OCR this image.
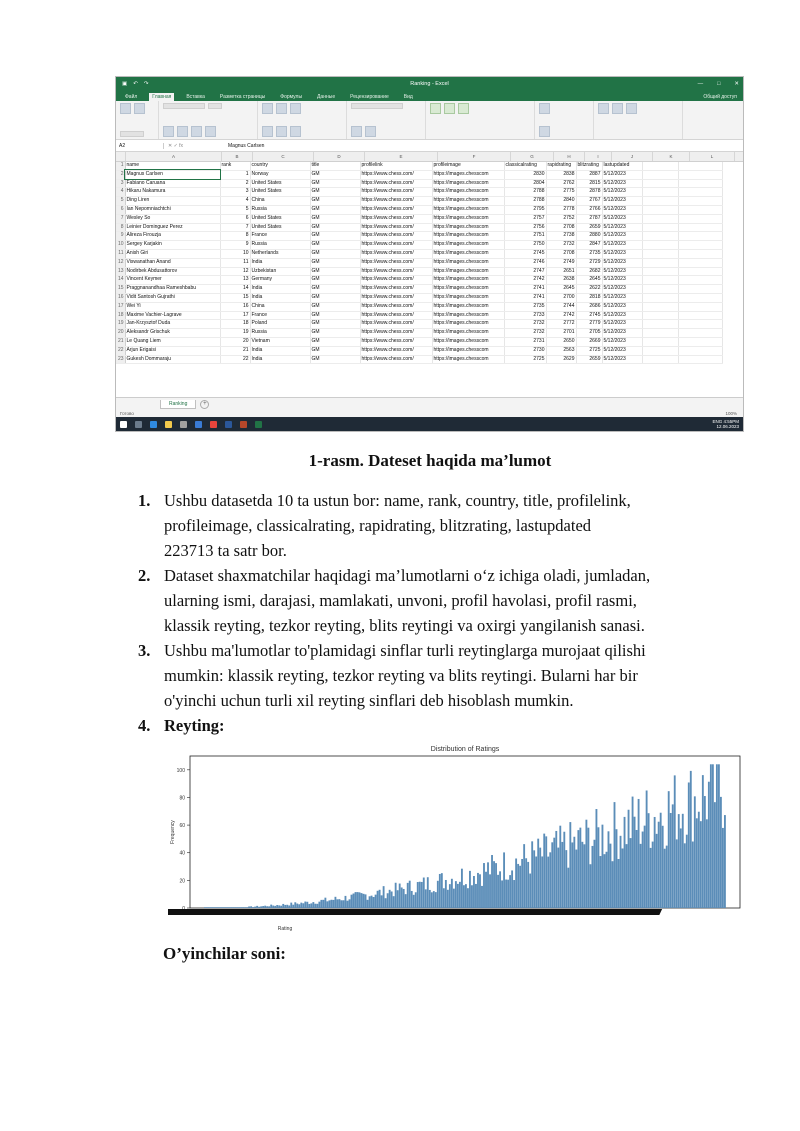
▣ ↶ ↷	Ranking - Excel	—	□	✕
Файл	Главная	Вставка	Разметка страницы	Формулы	Данные	Рецензирование	Вид	Общий доступ
A2	✕ ✓ fx	Magnus Carlsen
A	B	C	D	E	F	G	H	I	J	K	L
1	name	rank	country	title	profilelink	profileimage	classicalrating	rapidrating	blitzrating	lastupdated		
2	Magnus Carlsen	1	Norway	GM	https://www.chess.com/	https://images.chesscom	2830	2838	2887	5/12/2023		
3	Fabiano Caruana	2	United States	GM	https://www.chess.com/	https://images.chesscom	2804	2762	2815	5/12/2023		
4	Hikaru Nakamura	3	United States	GM	https://www.chess.com/	https://images.chesscom	2788	2775	2878	5/12/2023		
5	Ding Liren	4	China	GM	https://www.chess.com/	https://images.chesscom	2788	2840	2767	5/12/2023		
6	Ian Nepomniachtchi	5	Russia	GM	https://www.chess.com/	https://images.chesscom	2795	2778	2766	5/12/2023		
7	Wesley So	6	United States	GM	https://www.chess.com/	https://images.chesscom	2757	2752	2787	5/12/2023		
8	Leinier Dominguez Perez	7	United States	GM	https://www.chess.com/	https://images.chesscom	2756	2708	2659	5/12/2023		
9	Alireza Firouzja	8	France	GM	https://www.chess.com/	https://images.chesscom	2751	2738	2880	5/12/2023		
10	Sergey Karjakin	9	Russia	GM	https://www.chess.com/	https://images.chesscom	2750	2732	2847	5/12/2023		
11	Anish Giri	10	Netherlands	GM	https://www.chess.com/	https://images.chesscom	2745	2708	2735	5/12/2023		
12	Viswanathan Anand	11	India	GM	https://www.chess.com/	https://images.chesscom	2746	2749	2729	5/12/2023		
13	Nodirbek Abdusattorov	12	Uzbekistan	GM	https://www.chess.com/	https://images.chesscom	2747	2651	2682	5/12/2023		
14	Vincent Keymer	13	Germany	GM	https://www.chess.com/	https://images.chesscom	2742	2638	2645	5/12/2023		
15	Praggnanandhaa Rameshbabu	14	India	GM	https://www.chess.com/	https://images.chesscom	2741	2645	2622	5/12/2023		
16	Vidit Santosh Gujrathi	15	India	GM	https://www.chess.com/	https://images.chesscom	2741	2700	2818	5/12/2023		
17	Wei Yi	16	China	GM	https://www.chess.com/	https://images.chesscom	2735	2744	2686	5/12/2023		
18	Maxime Vachier-Lagrave	17	France	GM	https://www.chess.com/	https://images.chesscom	2733	2742	2745	5/12/2023		
19	Jan-Krzysztof Duda	18	Poland	GM	https://www.chess.com/	https://images.chesscom	2732	2772	2779	5/12/2023		
20	Aleksandr Grischuk	19	Russia	GM	https://www.chess.com/	https://images.chesscom	2732	2701	2705	5/12/2023		
21	Le Quang Liem	20	Vietnam	GM	https://www.chess.com/	https://images.chesscom	2731	2650	2669	5/12/2023		
22	Arjun Erigaisi	21	India	GM	https://www.chess.com/	https://images.chesscom	2730	2563	2725	5/12/2023		
23	Gukesh Dommaraju	22	India	GM	https://www.chess.com/	https://images.chesscom	2725	2629	2659	5/12/2023		
Ranking	+
Готово	100%
ENG 4:55PM
12.06.2023
1-rasm. Dateset haqida ma’lumot
1. Ushbu datasetda 10 ta ustun bor: name, rank, country, title, profilelink,
profileimage, classicalrating, rapidrating, blitzrating, lastupdated
223713 ta satr bor.
2. Dataset shaxmatchilar haqidagi ma’lumotlarni o‘z ichiga oladi, jumladan,
ularning ismi, darajasi, mamlakati, unvoni, profil havolasi, profil rasmi,
klassik reyting, tezkor reyting, blits reytingi va oxirgi yangilanish sanasi.
3. Ushbu ma'lumotlar to'plamidagi sinflar turli reytinglarga murojaat qilishi
mumkin: klassik reyting, tezkor reyting va blits reytingi. Bularni har bir
o'yinchi uchun turli xil reyting sinflari deb hisoblash mumkin.
4. Reyting:
Distribution of Ratings
20
40
60
80
100
Frequency
Rating
O’yinchilar soni:
